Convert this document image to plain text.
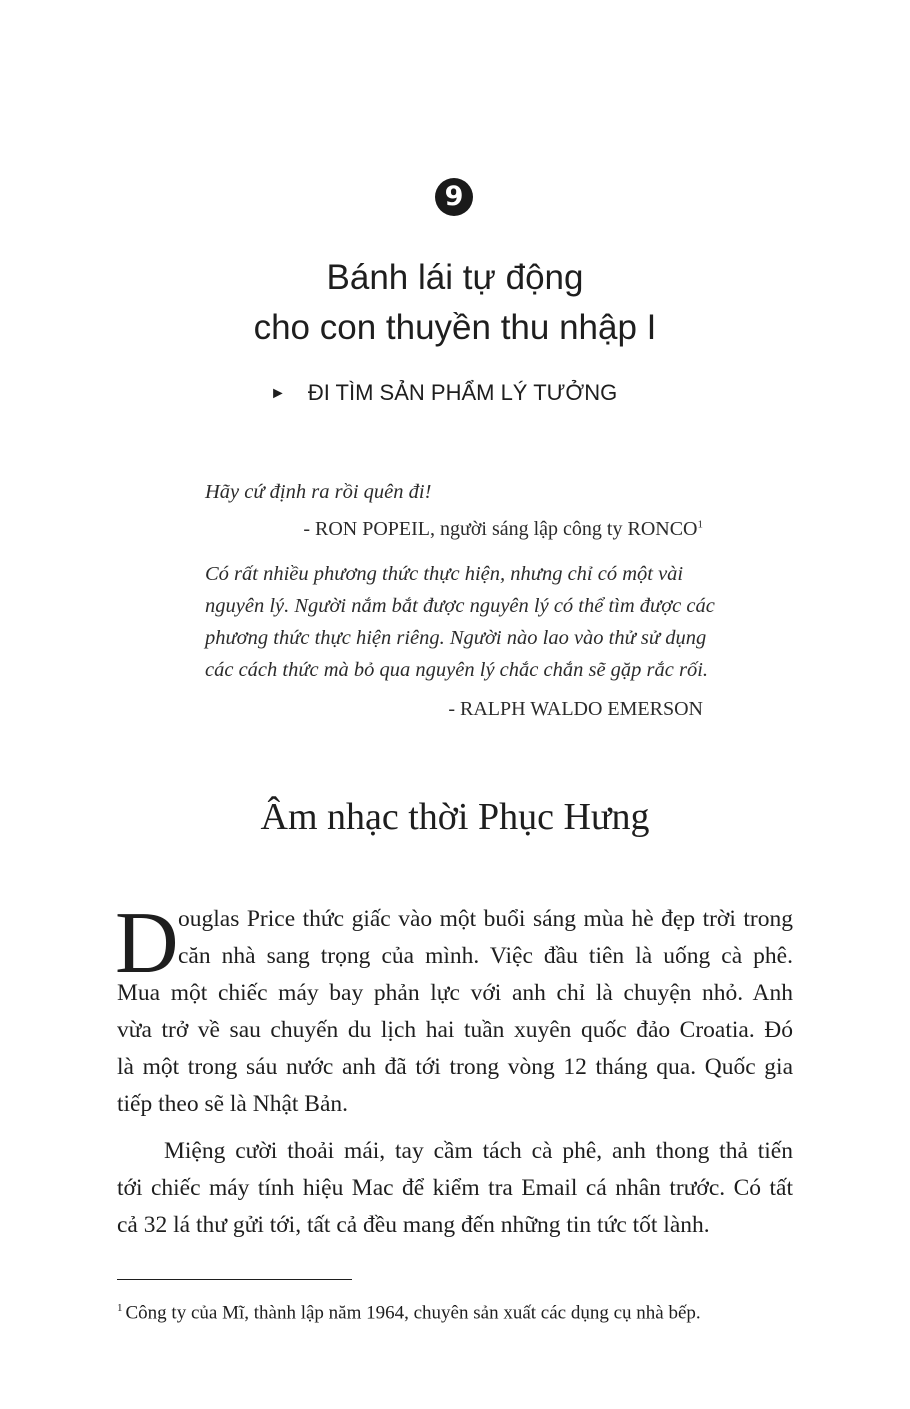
9
Bánh lái tự động
cho con thuyền thu nhập I
► ĐI TÌM SẢN PHẨM LÝ TƯỞNG
Hãy cứ định ra rồi quên đi!
- RON POPEIL, người sáng lập công ty RONCO$^1$
Có rất nhiều phương thức thực hiện, nhưng chỉ có một vài
nguyên lý. Người nắm bắt được nguyên lý có thể tìm được các
phương thức thực hiện riêng. Người nào lao vào thử sử dụng
các cách thức mà bỏ qua nguyên lý chắc chắn sẽ gặp rắc rối.
- RALPH WALDO EMERSON
Âm nhạc thời Phục Hưng
D ouglas Price thức giấc vào một buổi sáng mùa hè đẹp trời trong
căn nhà sang trọng của mình. Việc đầu tiên là uống cà phê.
Mua một chiếc máy bay phản lực với anh chỉ là chuyện nhỏ. Anh
vừa trở về sau chuyến du lịch hai tuần xuyên quốc đảo Croatia. Đó
là một trong sáu nước anh đã tới trong vòng 12 tháng qua. Quốc gia
tiếp theo sẽ là Nhật Bản.
Miệng cười thoải mái, tay cầm tách cà phê, anh thong thả tiến
tới chiếc máy tính hiệu Mac để kiểm tra Email cá nhân trước. Có tất
cả 32 lá thư gửi tới, tất cả đều mang đến những tin tức tốt lành.
$^1$ Công ty của Mĩ, thành lập năm 1964, chuyên sản xuất các dụng cụ nhà bếp.
